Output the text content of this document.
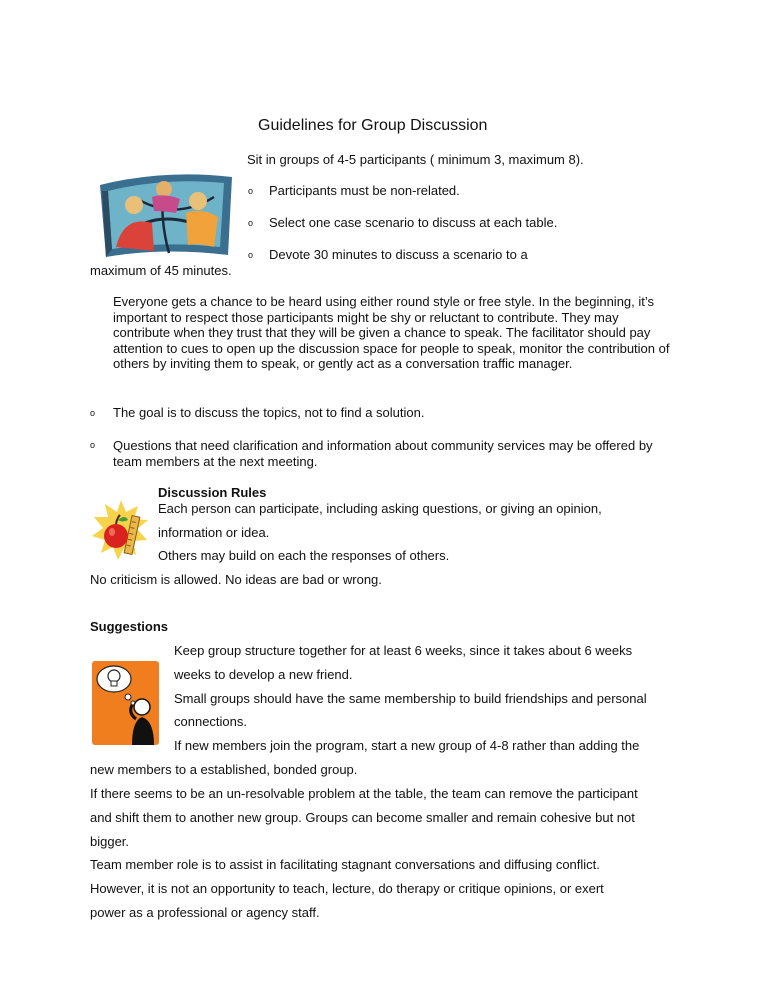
Guidelines for Group Discussion
Sit in groups of 4-5 participants ( minimum 3, maximum 8).
o Participants must be non-related.
o Select one case scenario to discuss at each table.
o Devote 30 minutes to discuss a scenario to a
maximum of 45 minutes.
Everyone gets a chance to be heard using either round style or free style. In the beginning, it’s important to respect those participants might be shy or reluctant to contribute. They may contribute when they trust that they will be given a chance to speak. The facilitator should pay attention to cues to open up the discussion space for people to speak, monitor the contribution of others by inviting them to speak, or gently act as a conversation traffic manager.
o The goal is to discuss the topics, not to find a solution.
o Questions that need clarification and information about community services may be offered by team members at the next meeting.
Discussion Rules
Each person can participate, including asking questions, or giving an opinion,
information or idea.
Others may build on each the responses of others.
No criticism is allowed. No ideas are bad or wrong.
Suggestions
Keep group structure together for at least 6 weeks, since it takes about 6 weeks
weeks to develop a new friend.
Small groups should have the same membership to build friendships and personal
connections.
If new members join the program, start a new group of 4-8 rather than adding the
new members to a established, bonded group.
If there seems to be an un-resolvable problem at the table, the team can remove the participant
and shift them to another new group. Groups can become smaller and remain cohesive but not
bigger.
Team member role is to assist in facilitating stagnant conversations and diffusing conflict.
However, it is not an opportunity to teach, lecture, do therapy or critique opinions, or exert
power as a professional or agency staff.
